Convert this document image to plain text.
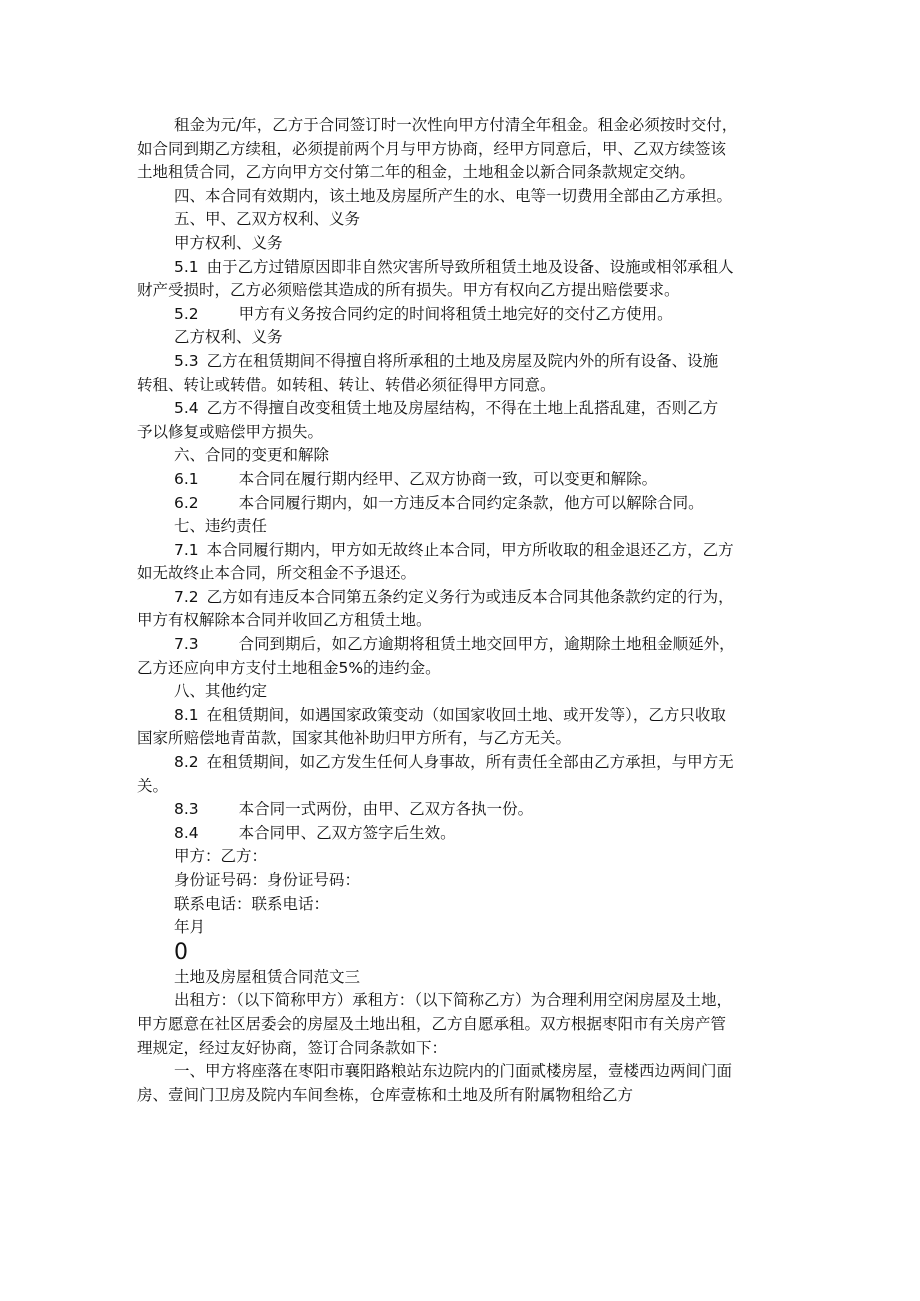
租金为元/年，乙方于合同签订时一次性向甲方付清全年租金。租金必须按时交付，
如合同到期乙方续租，必须提前两个月与甲方协商，经甲方同意后，甲、乙双方续签该
土地租赁合同，乙方向甲方交付第二年的租金，土地租金以新合同条款规定交纳。
四、本合同有效期内，该土地及房屋所产生的水、电等一切费用全部由乙方承担。
五、甲、乙双方权利、义务
甲方权利、义务
5.1 由于乙方过错原因即非自然灾害所导致所租赁土地及设备、设施或相邻承租人
财产受损时，乙方必须赔偿其造成的所有损失。甲方有权向乙方提出赔偿要求。
5.2	甲方有义务按合同约定的时间将租赁土地完好的交付乙方使用。
乙方权利、义务
5.3 乙方在租赁期间不得擅自将所承租的土地及房屋及院内外的所有设备、设施
转租、转让或转借。如转租、转让、转借必须征得甲方同意。
5.4 乙方不得擅自改变租赁土地及房屋结构，不得在土地上乱搭乱建，否则乙方
予以修复或赔偿甲方损失。
六、合同的变更和解除
6.1	本合同在履行期内经甲、乙双方协商一致，可以变更和解除。
6.2	本合同履行期内，如一方违反本合同约定条款，他方可以解除合同。
七、违约责任
7.1 本合同履行期内，甲方如无故终止本合同，甲方所收取的租金退还乙方，乙方
如无故终止本合同，所交租金不予退还。
7.2 乙方如有违反本合同第五条约定义务行为或违反本合同其他条款约定的行为，
甲方有权解除本合同并收回乙方租赁土地。
7.3	合同到期后，如乙方逾期将租赁土地交回甲方，逾期除土地租金顺延外，
乙方还应向申方支付土地租金5%的违约金。
八、其他约定
8.1 在租赁期间，如遇国家政策变动（如国家收回土地、或开发等），乙方只收取
国家所赔偿地青苗款，国家其他补助归甲方所有，与乙方无关。
8.2 在租赁期间，如乙方发生任何人身事故，所有责任全部由乙方承担，与甲方无
关。
8.3	本合同一式两份，由甲、乙双方各执一份。
8.4	本合同甲、乙双方签字后生效。
甲方：乙方：
身份证号码：身份证号码：
联系电话：联系电话：
年月
0
土地及房屋租赁合同范文三
出租方：（以下简称甲方）承租方：（以下简称乙方）为合理利用空闲房屋及土地，
甲方愿意在社区居委会的房屋及土地出租，乙方自愿承租。双方根据枣阳市有关房产管
理规定，经过友好协商，签订合同条款如下：
一、甲方将座落在枣阳市襄阳路粮站东边院内的门面贰楼房屋，壹楼西边两间门面
房、壹间门卫房及院内车间叁栋，仓库壹栋和土地及所有附属物租给乙方
